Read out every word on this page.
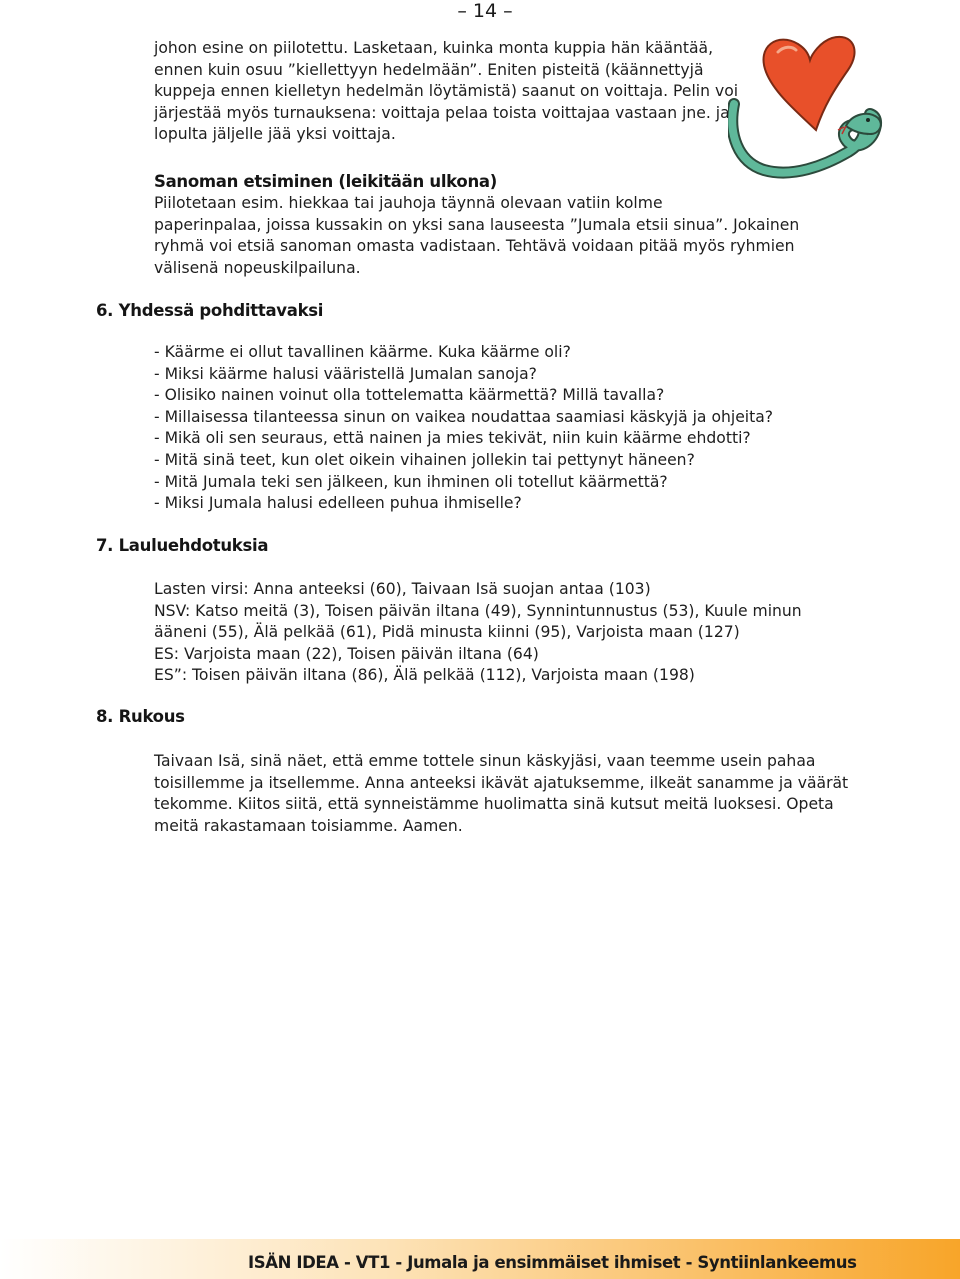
– 14 –
johon esine on piilotettu. Lasketaan, kuinka monta kuppia hän kääntää,
ennen kuin osuu ”kiellettyyn hedelmään”. Eniten pisteitä (käännettyjä
kuppeja ennen kielletyn hedelmän löytämistä) saanut on voittaja. Pelin voi
järjestää myös turnauksena: voittaja pelaa toista voittajaa vastaan jne. ja
lopulta jäljelle jää yksi voittaja.
Sanoman etsiminen (leikitään ulkona)
Piilotetaan esim. hiekkaa tai jauhoja täynnä olevaan vatiin kolme
paperinpalaa, joissa kussakin on yksi sana lauseesta ”Jumala etsii sinua”. Jokainen
ryhmä voi etsiä sanoman omasta vadistaan. Tehtävä voidaan pitää myös ryhmien
välisenä nopeuskilpailuna.
6. Yhdessä pohdittavaksi
- Käärme ei ollut tavallinen käärme. Kuka käärme oli?
- Miksi käärme halusi vääristellä Jumalan sanoja?
- Olisiko nainen voinut olla tottelematta käärmettä? Millä tavalla?
- Millaisessa tilanteessa sinun on vaikea noudattaa saamiasi käskyjä ja ohjeita?
- Mikä oli sen seuraus, että nainen ja mies tekivät, niin kuin käärme ehdotti?
- Mitä sinä teet, kun olet oikein vihainen jollekin tai pettynyt häneen?
- Mitä Jumala teki sen jälkeen, kun ihminen oli totellut käärmettä?
- Miksi Jumala halusi edelleen puhua ihmiselle?
7. Lauluehdotuksia
Lasten virsi: Anna anteeksi (60), Taivaan Isä suojan antaa (103)
NSV: Katso meitä (3), Toisen päivän iltana (49), Synnintunnustus (53), Kuule minun
ääneni (55), Älä pelkää (61), Pidä minusta kiinni (95), Varjoista maan (127)
ES: Varjoista maan (22), Toisen päivän iltana (64)
ES”: Toisen päivän iltana (86), Älä pelkää (112), Varjoista maan (198)
8. Rukous
Taivaan Isä, sinä näet, että emme tottele sinun käskyjäsi, vaan teemme usein pahaa
toisillemme ja itsellemme. Anna anteeksi ikävät ajatuksemme, ilkeät sanamme ja väärät
tekomme. Kiitos siitä, että synneistämme huolimatta sinä kutsut meitä luoksesi. Opeta
meitä rakastamaan toisiamme. Aamen.
ISÄN IDEA - VT1 - Jumala ja ensimmäiset ihmiset - Syntiinlankeemus
